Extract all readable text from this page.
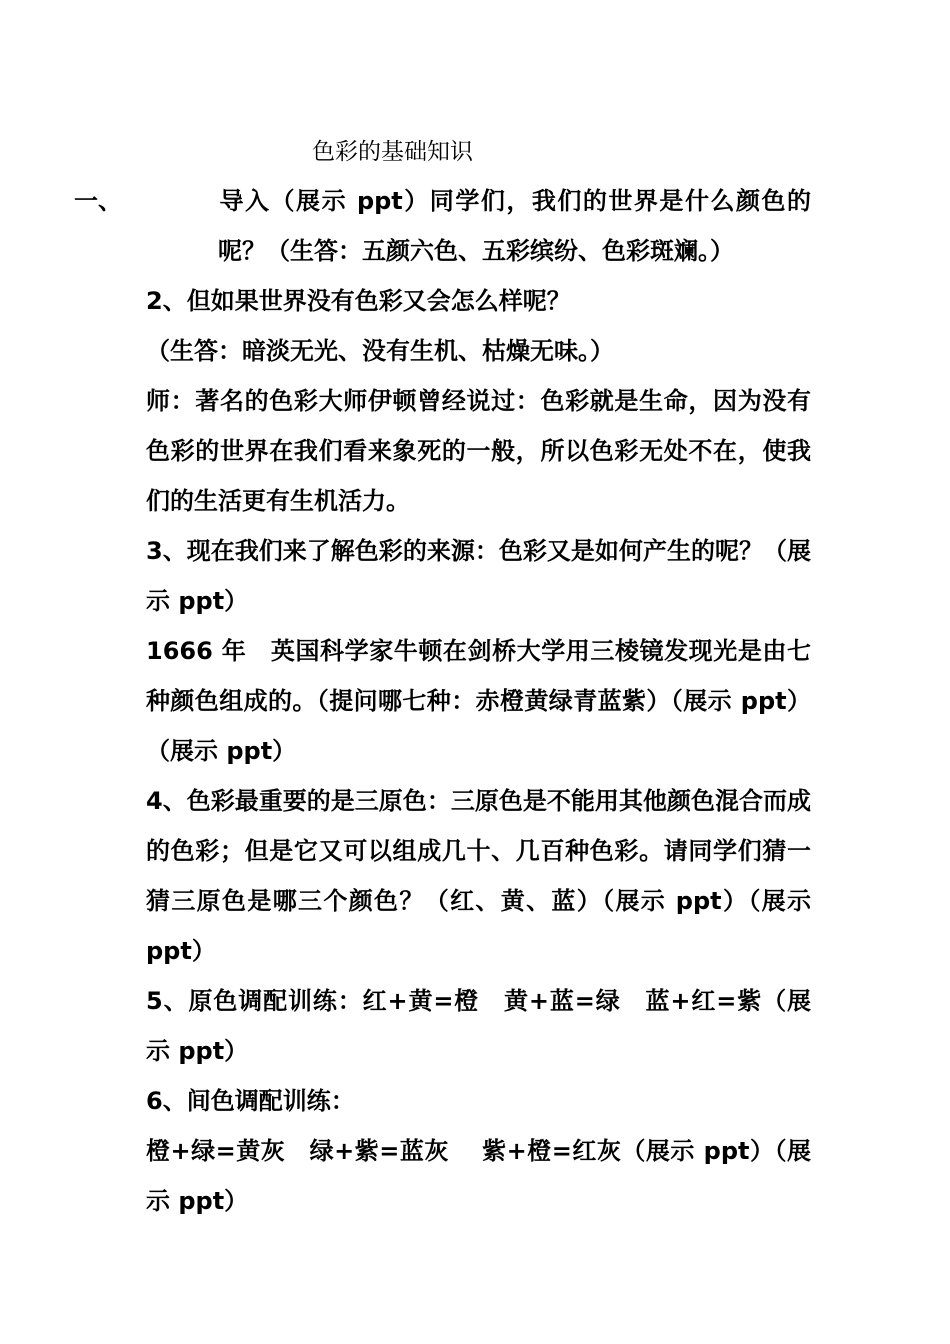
色彩的基础知识

一、	导入（展示 ppt）同学们，我们的世界是什么颜色的呢？（生答：五颜六色、五彩缤纷、色彩斑斓。）

2、但如果世界没有色彩又会怎么样呢？

（生答：暗淡无光、没有生机、枯燥无味。）

师：著名的色彩大师伊顿曾经说过：色彩就是生命，因为没有色彩的世界在我们看来象死的一般，所以色彩无处不在，使我们的生活更有生机活力。

3、现在我们来了解色彩的来源：色彩又是如何产生的呢？（展示 ppt）

1666 年　英国科学家牛顿在剑桥大学用三棱镜发现光是由七种颜色组成的。（提问哪七种：赤橙黄绿青蓝紫）（展示 ppt）（展示 ppt）

4、色彩最重要的是三原色：三原色是不能用其他颜色混合而成的色彩；但是它又可以组成几十、几百种色彩。请同学们猜一猜三原色是哪三个颜色？（红、黄、蓝）（展示 ppt）（展示 ppt）

5、原色调配训练：红+黄=橙　黄+蓝=绿　蓝+红=紫（展示 ppt）

6、间色调配训练：

橙+绿=黄灰　绿+紫=蓝灰　 紫+橙=红灰（展示 ppt）（展示 ppt）
